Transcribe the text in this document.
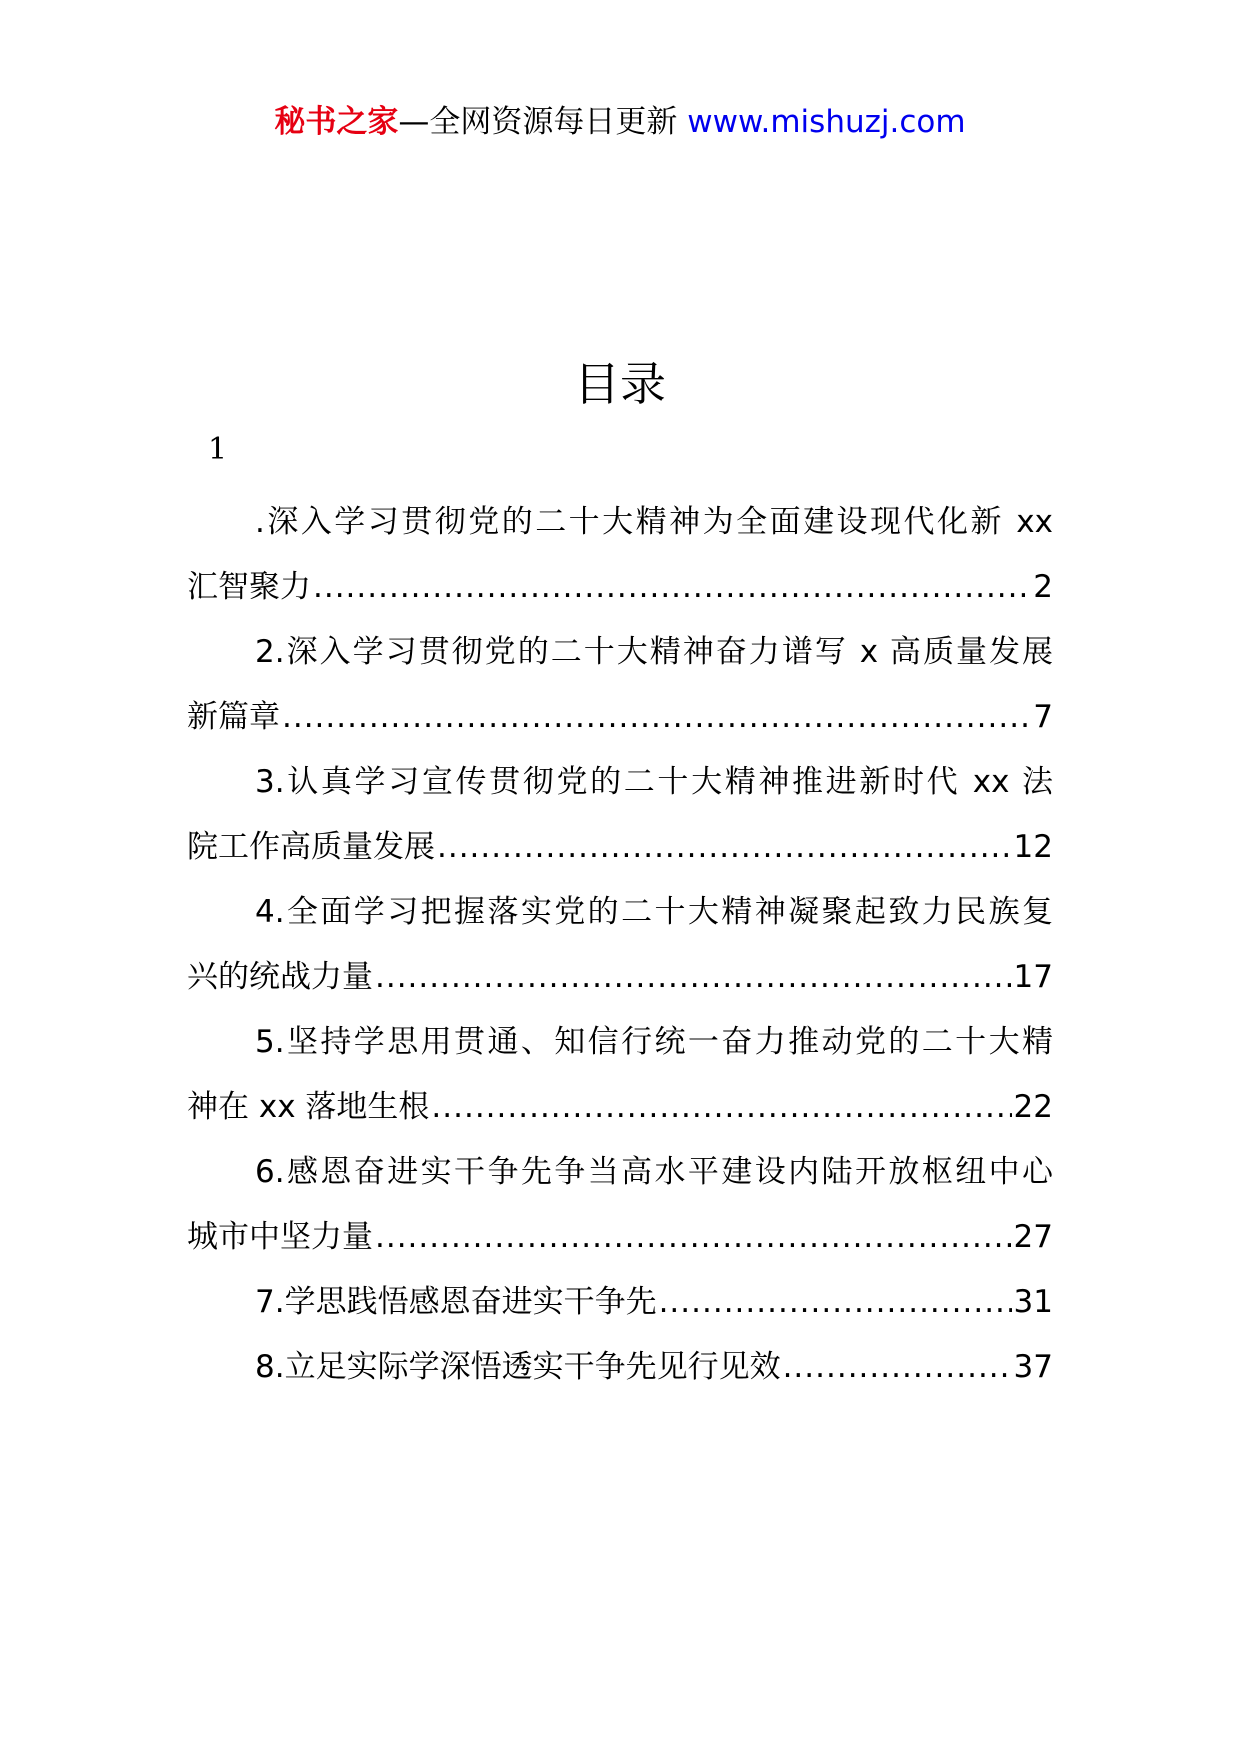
秘书之家—全网资源每日更新 www.mishuzj.com
目录
1
.深入学习贯彻党的二十大精神为全面建设现代化新 xx
汇智聚力 .....	2
2.深入学习贯彻党的二十大精神奋力谱写 x 高质量发展
新篇章 .....	7
3.认真学习宣传贯彻党的二十大精神推进新时代 xx 法
院工作高质量发展 .....	12
4.全面学习把握落实党的二十大精神凝聚起致力民族复
兴的统战力量 .....	17
5.坚持学思用贯通、知信行统一奋力推动党的二十大精
神在 xx 落地生根 .....	22
6.感恩奋进实干争先争当高水平建设内陆开放枢纽中心
城市中坚力量 .....	27
7.学思践悟感恩奋进实干争先 .....	31
8.立足实际学深悟透实干争先见行见效 .....	37
